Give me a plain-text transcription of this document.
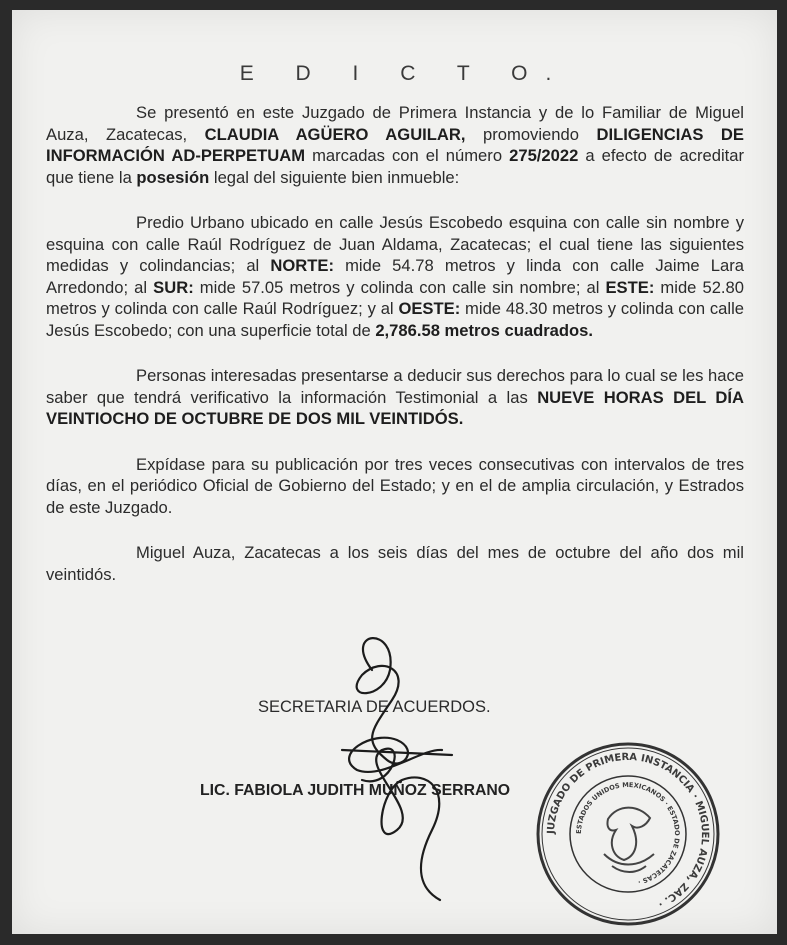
E D I C T O.

Se presentó en este Juzgado de Primera Instancia y de lo Familiar de Miguel Auza, Zacatecas, CLAUDIA AGÜERO AGUILAR, promoviendo DILIGENCIAS DE INFORMACIÓN AD-PERPETUAM marcadas con el número 275/2022 a efecto de acreditar que tiene la posesión legal del siguiente bien inmueble:

Predio Urbano ubicado en calle Jesús Escobedo esquina con calle sin nombre y esquina con calle Raúl Rodríguez de Juan Aldama, Zacatecas; el cual tiene las siguientes medidas y colindancias; al NORTE: mide 54.78 metros y linda con calle Jaime Lara Arredondo; al SUR: mide 57.05 metros y colinda con calle sin nombre; al ESTE: mide 52.80 metros y colinda con calle Raúl Rodríguez; y al OESTE: mide 48.30 metros y colinda con calle Jesús Escobedo; con una superficie total de 2,786.58 metros cuadrados.

Personas interesadas presentarse a deducir sus derechos para lo cual se les hace saber que tendrá verificativo la información Testimonial a las NUEVE HORAS DEL DÍA VEINTIOCHO DE OCTUBRE DE DOS MIL VEINTIDÓS.

Expídase para su publicación por tres veces consecutivas con intervalos de tres días, en el periódico Oficial de Gobierno del Estado; y en el de amplia circulación, y Estrados de este Juzgado.

Miguel Auza, Zacatecas a los seis días del mes de octubre del año dos mil veintidós.

SECRETARIA DE ACUERDOS.
LIC. FABIOLA JUDITH MUÑOZ SERRANO
JUZGADO DE PRIMERA INSTANCIA · MIGUEL AUZA, ZAC. ·
ESTADOS UNIDOS MEXICANOS · ESTADO DE ZACATECAS ·
